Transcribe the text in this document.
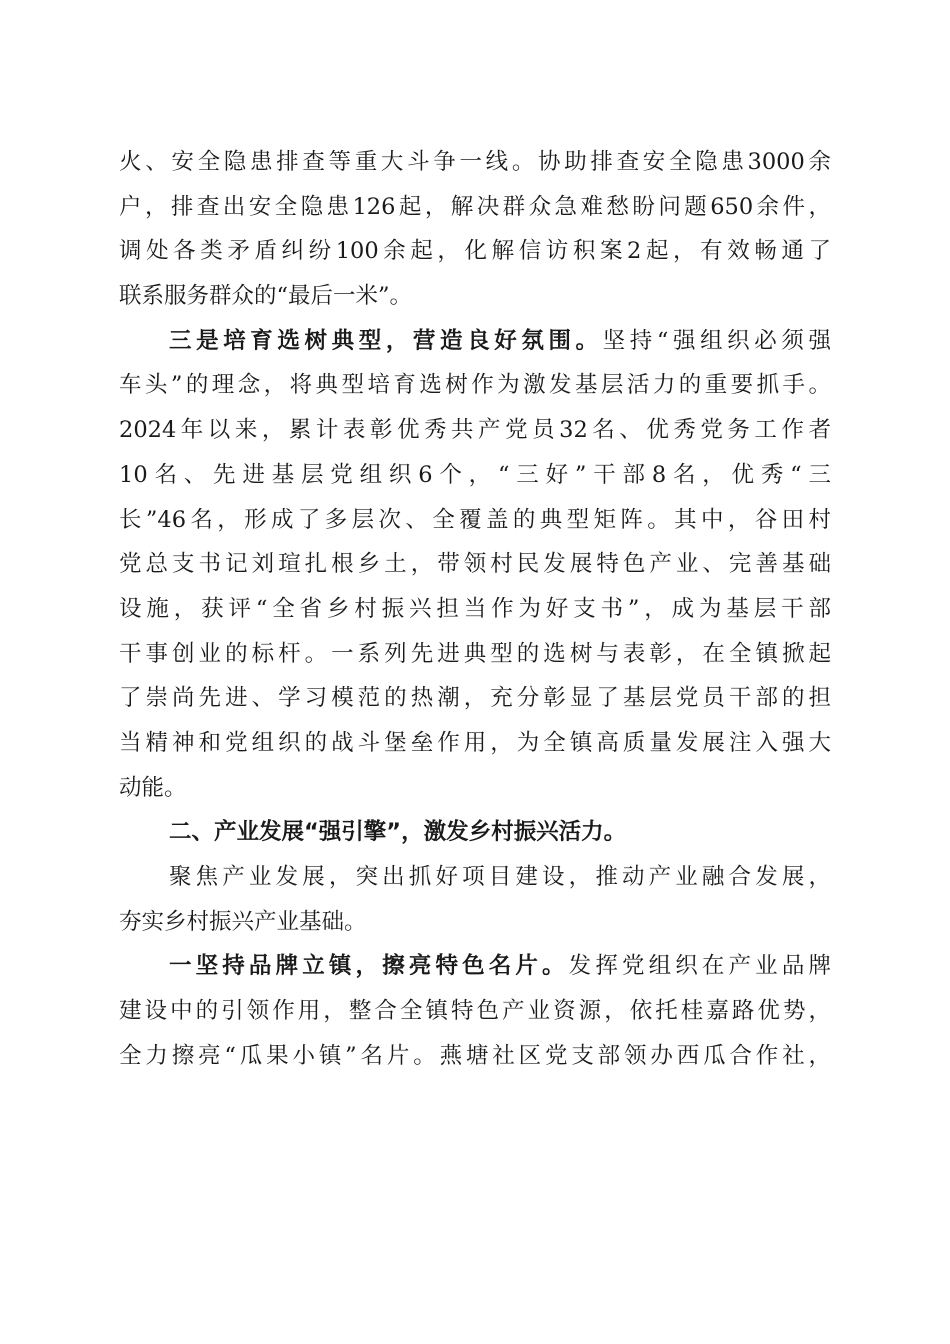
火、安全隐患排查等重大斗争一线。协助排查安全隐患3000余
户，排查出安全隐患126起，解决群众急难愁盼问题650余件，
调处各类矛盾纠纷100余起，化解信访积案2起，有效畅通了
联系服务群众的“最后一米”。
三是培育选树典型，营造良好氛围。坚持“强组织必须强
车头”的理念，将典型培育选树作为激发基层活力的重要抓手。
2024年以来，累计表彰优秀共产党员32名、优秀党务工作者
10名、先进基层党组织6个，“三好”干部8名，优秀“三
长”46名，形成了多层次、全覆盖的典型矩阵。其中，谷田村
党总支书记刘瑄扎根乡土，带领村民发展特色产业、完善基础
设施，获评“全省乡村振兴担当作为好支书”，成为基层干部
干事创业的标杆。一系列先进典型的选树与表彰，在全镇掀起
了崇尚先进、学习模范的热潮，充分彰显了基层党员干部的担
当精神和党组织的战斗堡垒作用，为全镇高质量发展注入强大
动能。
二、产业发展“强引擎”，激发乡村振兴活力。
聚焦产业发展，突出抓好项目建设，推动产业融合发展，
夯实乡村振兴产业基础。
一坚持品牌立镇，擦亮特色名片。发挥党组织在产业品牌
建设中的引领作用，整合全镇特色产业资源，依托桂嘉路优势，
全力擦亮“瓜果小镇”名片。燕塘社区党支部领办西瓜合作社，
